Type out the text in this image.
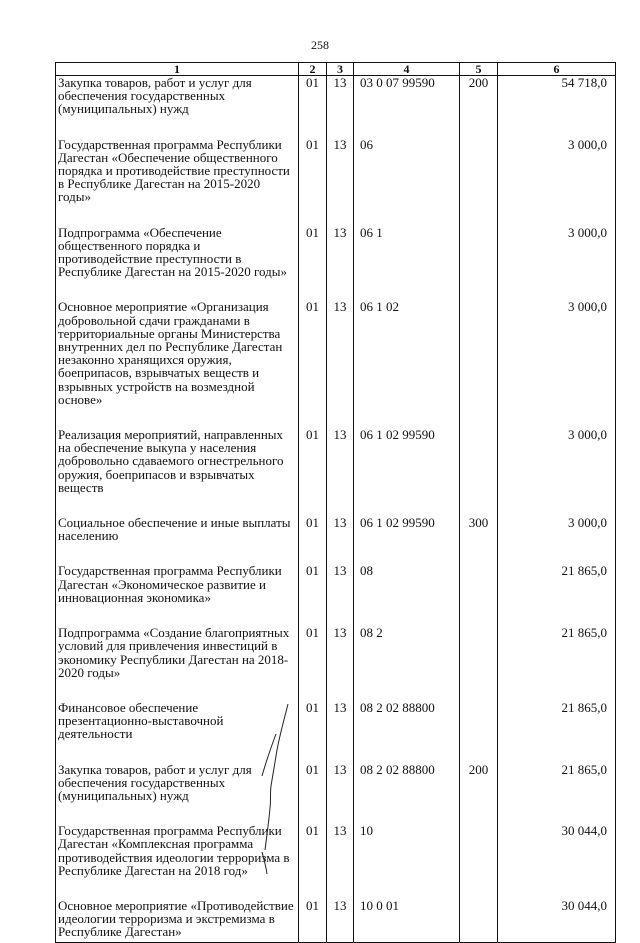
258
1	2	3	4	5	6
Закупка товаров, работ и услуг для обеспечения государственных (муниципальных) нужд	01	13	03 0 07 99590	200	54 718,0
Государственная программа Республики Дагестан «Обеспечение общественного порядка и противодействие преступности в Республике Дагестан на 2015-2020 годы»	01	13	06		3 000,0
Подпрограмма «Обеспечение общественного порядка и противодействие преступности в Республике Дагестан на 2015-2020 годы»	01	13	06 1		3 000,0
Основное мероприятие «Организация добровольной сдачи гражданами в территориальные органы Министерства внутренних дел по Республике Дагестан незаконно хранящихся оружия, боеприпасов, взрывчатых веществ и взрывных устройств на возмездной основе»	01	13	06 1 02		3 000,0
Реализация мероприятий, направленных на обеспечение выкупа у населения добровольно сдаваемого огнестрельного оружия, боеприпасов и взрывчатых веществ	01	13	06 1 02 99590		3 000,0
Социальное обеспечение и иные выплаты населению	01	13	06 1 02 99590	300	3 000,0
Государственная программа Республики Дагестан «Экономическое развитие и инновационная экономика»	01	13	08		21 865,0
Подпрограмма «Создание благоприятных условий для привлечения инвестиций в экономику Республики Дагестан на 2018-2020 годы»	01	13	08 2		21 865,0
Финансовое обеспечение презентационно-выставочной деятельности	01	13	08 2 02 88800		21 865,0
Закупка товаров, работ и услуг для обеспечения государственных (муниципальных) нужд	01	13	08 2 02 88800	200	21 865,0
Государственная программа Республики Дагестан «Комплексная программа противодействия идеологии терроризма в Республике Дагестан на 2018 год»	01	13	10		30 044,0
Основное мероприятие «Противодействие идеологии терроризма и экстремизма в Республике Дагестан»	01	13	10 0 01		30 044,0
